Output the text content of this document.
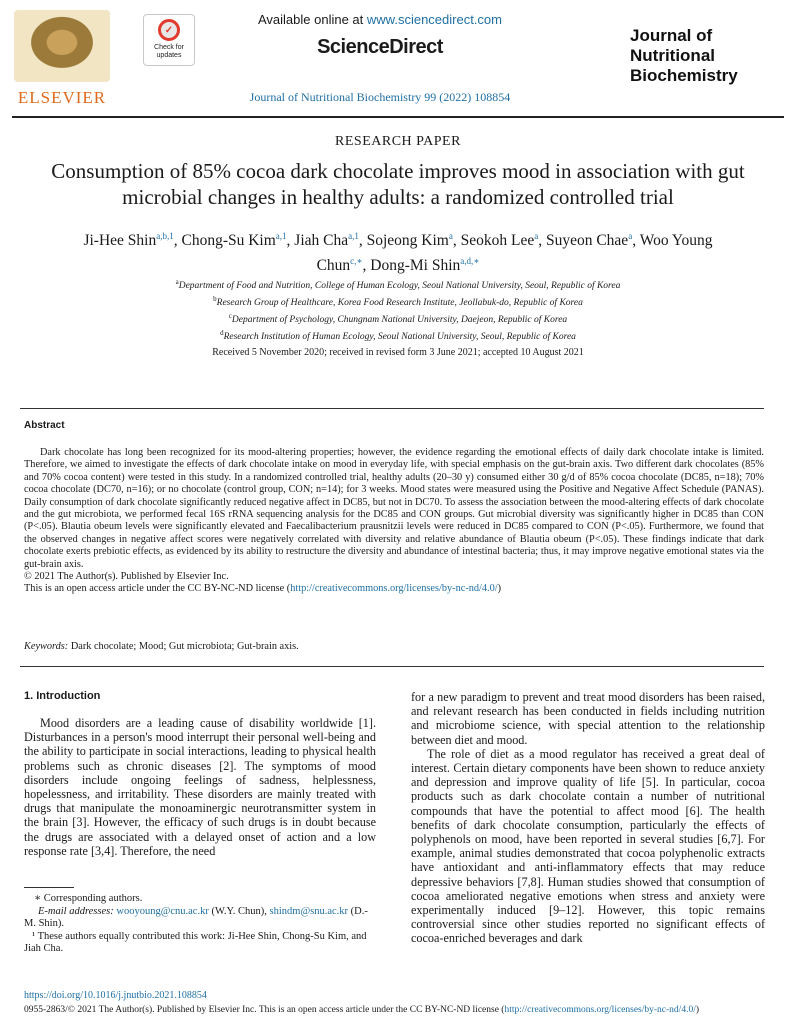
ELSEVIER
✓
Check for updates
Available online at www.sciencedirect.com
ScienceDirect
Journal of
Nutritional
Biochemistry
Journal of Nutritional Biochemistry 99 (2022) 108854
RESEARCH PAPER
Consumption of 85% cocoa dark chocolate improves mood in association with gut microbial changes in healthy adults: a randomized controlled trial
Ji-Hee Shin$^{a,b,1}$, Chong-Su Kim$^{a,1}$, Jiah Cha$^{a,1}$, Sojeong Kim$^a$, Seokoh Lee$^a$, Suyeon Chae$^a$, Woo Young Chun$^{c,∗}$, Dong-Mi Shin$^{a,d,∗}$
$^a$Department of Food and Nutrition, College of Human Ecology, Seoul National University, Seoul, Republic of Korea
$^b$Research Group of Healthcare, Korea Food Research Institute, Jeollabuk-do, Republic of Korea
$^c$Department of Psychology, Chungnam National University, Daejeon, Republic of Korea
$^d$Research Institution of Human Ecology, Seoul National University, Seoul, Republic of Korea
Received 5 November 2020; received in revised form 3 June 2021; accepted 10 August 2021
Abstract

Dark chocolate has long been recognized for its mood-altering properties; however, the evidence regarding the emotional effects of daily dark chocolate intake is limited. Therefore, we aimed to investigate the effects of dark chocolate intake on mood in everyday life, with special emphasis on the gut-brain axis. Two different dark chocolates (85% and 70% cocoa content) were tested in this study. In a randomized controlled trial, healthy adults (20–30 y) consumed either 30 g/d of 85% cocoa chocolate (DC85, n=18); 70% cocoa chocolate (DC70, n=16); or no chocolate (control group, CON; n=14); for 3 weeks. Mood states were measured using the Positive and Negative Affect Schedule (PANAS). Daily consumption of dark chocolate significantly reduced negative affect in DC85, but not in DC70. To assess the association between the mood-altering effects of dark chocolate and the gut microbiota, we performed fecal 16S rRNA sequencing analysis for the DC85 and CON groups. Gut microbial diversity was significantly higher in DC85 than CON (P<.05). Blautia obeum levels were significantly elevated and Faecalibacterium prausnitzii levels were reduced in DC85 compared to CON (P<.05). Furthermore, we found that the observed changes in negative affect scores were negatively correlated with diversity and relative abundance of Blautia obeum (P<.05). These findings indicate that dark chocolate exerts prebiotic effects, as evidenced by its ability to restructure the diversity and abundance of intestinal bacteria; thus, it may improve negative emotional states via the gut-brain axis.

© 2021 The Author(s). Published by Elsevier Inc.
This is an open access article under the CC BY-NC-ND license (http://creativecommons.org/licenses/by-nc-nd/4.0/)
Keywords: Dark chocolate; Mood; Gut microbiota; Gut-brain axis.
1. Introduction

Mood disorders are a leading cause of disability worldwide [1]. Disturbances in a person's mood interrupt their personal well-being and the ability to participate in social interactions, leading to physical health problems such as chronic diseases [2]. The symptoms of mood disorders include ongoing feelings of sadness, helplessness, hopelessness, and irritability. These disorders are mainly treated with drugs that manipulate the monoaminergic neurotransmitter system in the brain [3]. However, the efficacy of such drugs is in doubt because the drugs are associated with a delayed onset of action and a low response rate [3,4]. Therefore, the need

for a new paradigm to prevent and treat mood disorders has been raised, and relevant research has been conducted in fields including nutrition and microbiome science, with special attention to the relationship between diet and mood.

The role of diet as a mood regulator has received a great deal of interest. Certain dietary components have been shown to reduce anxiety and depression and improve quality of life [5]. In particular, cocoa products such as dark chocolate contain a number of nutritional compounds that have the potential to affect mood [6]. The health benefits of dark chocolate consumption, particularly the effects of polyphenols on mood, have been reported in several studies [6,7]. For example, animal studies demonstrated that cocoa polyphenolic extracts have antioxidant and anti-inflammatory effects that may reduce depressive behaviors [7,8]. Human studies showed that consumption of cocoa ameliorated negative emotions when stress and anxiety were experimentally induced [9–12]. However, this topic remains controversial since other studies reported no significant effects of cocoa-enriched beverages and dark

∗ Corresponding authors.

E-mail addresses: wooyoung@cnu.ac.kr (W.Y. Chun), shindm@snu.ac.kr (D.-M. Shin).

¹ These authors equally contributed this work: Ji-Hee Shin, Chong-Su Kim, and Jiah Cha.

https://doi.org/10.1016/j.jnutbio.2021.108854
0955-2863/© 2021 The Author(s). Published by Elsevier Inc. This is an open access article under the CC BY-NC-ND license (http://creativecommons.org/licenses/by-nc-nd/4.0/)
